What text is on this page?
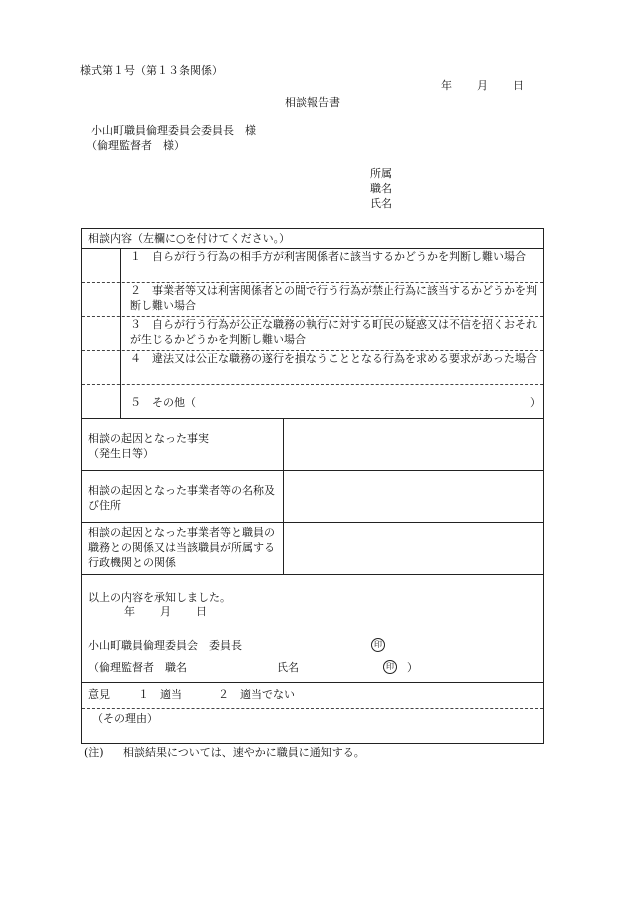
様式第１号（第１３条関係）
年 月 日
相談報告書
小山町職員倫理委員会委員長　様
（倫理監督者　様）
所属
職名
氏名
相談内容（左欄に○を付けてください。）
１　自らが行う行為の相手方が利害関係者に該当するかどうかを判断し難い場合
２　事業者等又は利害関係者との間で行う行為が禁止行為に該当するかどうかを判断し難い場合
３　自らが行う行為が公正な職務の執行に対する町民の疑惑又は不信を招くおそれが生じるかどうかを判断し難い場合
４　違法又は公正な職務の遂行を損なうこととなる行為を求める要求があった場合
５　その他（	）
相談の起因となった事実
（発生日等）
相談の起因となった事業者等の名称及び住所
相談の起因となった事業者等と職員の職務との関係又は当該職員が所属する行政機関との関係
以上の内容を承知しました。
年 月 日
小山町職員倫理委員会　委員長	印
（倫理監督者　職名	氏名	印 ）
意見	１　適当	２　適当でない
（その理由）
(注) 相談結果については、速やかに職員に通知する。
